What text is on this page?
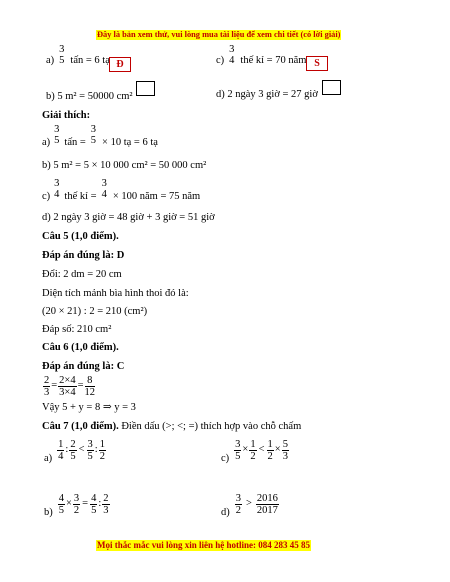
Đây là bản xem thử, vui lòng mua tài liệu để xem chi tiết (có lời giải)
a)
3
5 tấn = 6 tạ Đ	c)
3
4 thế kỉ = 70 năm S
b) 5 m² = 50000 cm²	d) 2 ngày 3 giờ = 27 giờ
Giải thích:
a)
3
5 tấn =
3
5 × 10 tạ = 6 tạ
b) 5 m² = 5 × 10 000 cm² = 50 000 cm²
c)
3
4 thế kỉ =
3
4 × 100 năm = 75 năm
d) 2 ngày 3 giờ = 48 giờ + 3 giờ = 51 giờ
Câu 5 (1,0 điểm).
Đáp án đúng là: D
Đổi: 2 dm = 20 cm
Diện tích mảnh bìa hình thoi đó là:
(20 × 21) : 2 = 210 (cm²)
Đáp số: 210 cm²
Câu 6 (1,0 điểm).
Đáp án đúng là: C
$\frac{2}{3} = \frac{2\times 4}{3\times 4} = \frac{8}{12}$
Vậy 5 + y = 8 ⇒ y = 3
Câu 7 (1,0 điểm). Điền dấu (>; <; =) thích hợp vào chỗ chấm
$a) \frac{1}{4}$ : $\frac{2}{5} < \frac{3}{5}$ : $\frac{1}{2}$	$c) \frac{3}{5} \times \frac{1}{2} < \frac{1}{2} \times \frac{5}{3}$
$b) \frac{4}{5} \times \frac{3}{2} = \frac{4}{5}$ : $\frac{2}{3}$	$d) \frac{3}{2} > \frac{2016}{2017}$
Mọi thắc mắc vui lòng xin liên hệ hotline: 084 283 45 85
